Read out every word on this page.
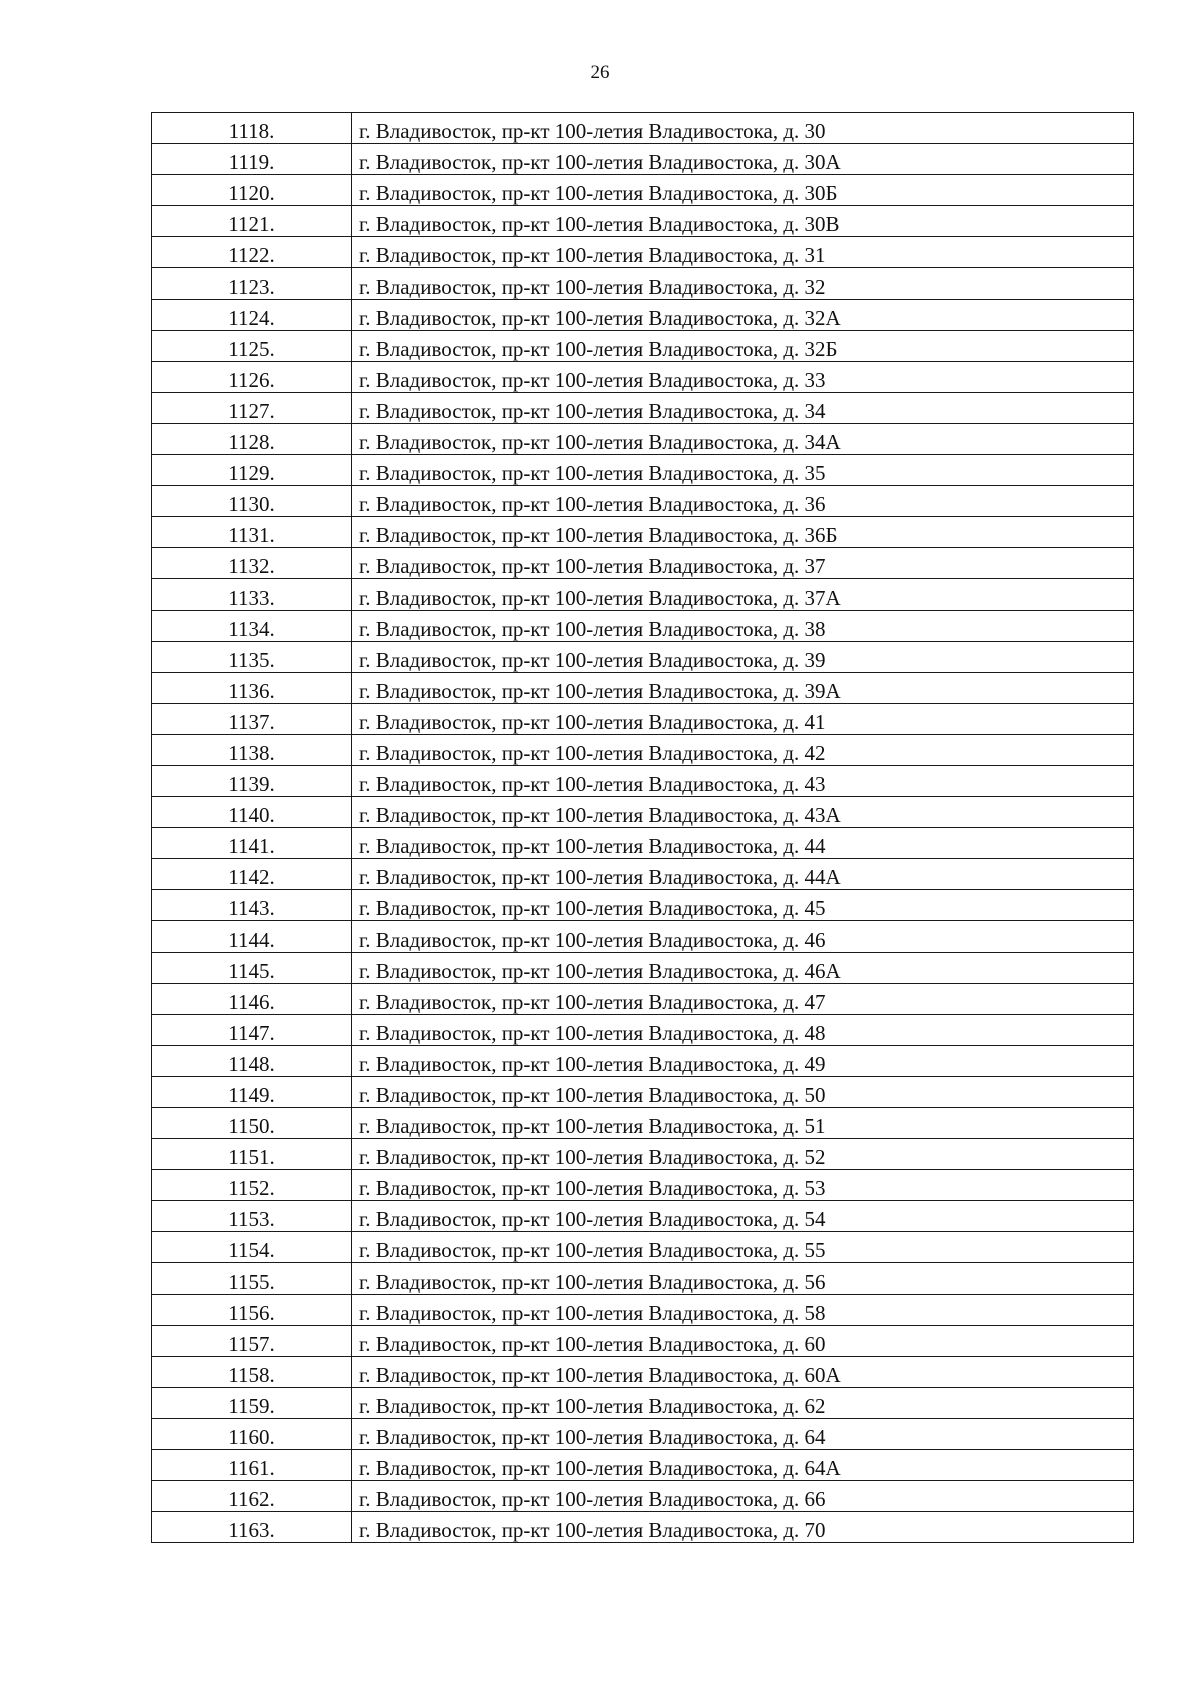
26
1118.	г. Владивосток, пр-кт 100-летия Владивостока, д. 30
1119.	г. Владивосток, пр-кт 100-летия Владивостока, д. 30А
1120.	г. Владивосток, пр-кт 100-летия Владивостока, д. 30Б
1121.	г. Владивосток, пр-кт 100-летия Владивостока, д. 30В
1122.	г. Владивосток, пр-кт 100-летия Владивостока, д. 31
1123.	г. Владивосток, пр-кт 100-летия Владивостока, д. 32
1124.	г. Владивосток, пр-кт 100-летия Владивостока, д. 32А
1125.	г. Владивосток, пр-кт 100-летия Владивостока, д. 32Б
1126.	г. Владивосток, пр-кт 100-летия Владивостока, д. 33
1127.	г. Владивосток, пр-кт 100-летия Владивостока, д. 34
1128.	г. Владивосток, пр-кт 100-летия Владивостока, д. 34А
1129.	г. Владивосток, пр-кт 100-летия Владивостока, д. 35
1130.	г. Владивосток, пр-кт 100-летия Владивостока, д. 36
1131.	г. Владивосток, пр-кт 100-летия Владивостока, д. 36Б
1132.	г. Владивосток, пр-кт 100-летия Владивостока, д. 37
1133.	г. Владивосток, пр-кт 100-летия Владивостока, д. 37А
1134.	г. Владивосток, пр-кт 100-летия Владивостока, д. 38
1135.	г. Владивосток, пр-кт 100-летия Владивостока, д. 39
1136.	г. Владивосток, пр-кт 100-летия Владивостока, д. 39А
1137.	г. Владивосток, пр-кт 100-летия Владивостока, д. 41
1138.	г. Владивосток, пр-кт 100-летия Владивостока, д. 42
1139.	г. Владивосток, пр-кт 100-летия Владивостока, д. 43
1140.	г. Владивосток, пр-кт 100-летия Владивостока, д. 43А
1141.	г. Владивосток, пр-кт 100-летия Владивостока, д. 44
1142.	г. Владивосток, пр-кт 100-летия Владивостока, д. 44А
1143.	г. Владивосток, пр-кт 100-летия Владивостока, д. 45
1144.	г. Владивосток, пр-кт 100-летия Владивостока, д. 46
1145.	г. Владивосток, пр-кт 100-летия Владивостока, д. 46А
1146.	г. Владивосток, пр-кт 100-летия Владивостока, д. 47
1147.	г. Владивосток, пр-кт 100-летия Владивостока, д. 48
1148.	г. Владивосток, пр-кт 100-летия Владивостока, д. 49
1149.	г. Владивосток, пр-кт 100-летия Владивостока, д. 50
1150.	г. Владивосток, пр-кт 100-летия Владивостока, д. 51
1151.	г. Владивосток, пр-кт 100-летия Владивостока, д. 52
1152.	г. Владивосток, пр-кт 100-летия Владивостока, д. 53
1153.	г. Владивосток, пр-кт 100-летия Владивостока, д. 54
1154.	г. Владивосток, пр-кт 100-летия Владивостока, д. 55
1155.	г. Владивосток, пр-кт 100-летия Владивостока, д. 56
1156.	г. Владивосток, пр-кт 100-летия Владивостока, д. 58
1157.	г. Владивосток, пр-кт 100-летия Владивостока, д. 60
1158.	г. Владивосток, пр-кт 100-летия Владивостока, д. 60А
1159.	г. Владивосток, пр-кт 100-летия Владивостока, д. 62
1160.	г. Владивосток, пр-кт 100-летия Владивостока, д. 64
1161.	г. Владивосток, пр-кт 100-летия Владивостока, д. 64А
1162.	г. Владивосток, пр-кт 100-летия Владивостока, д. 66
1163.	г. Владивосток, пр-кт 100-летия Владивостока, д. 70
